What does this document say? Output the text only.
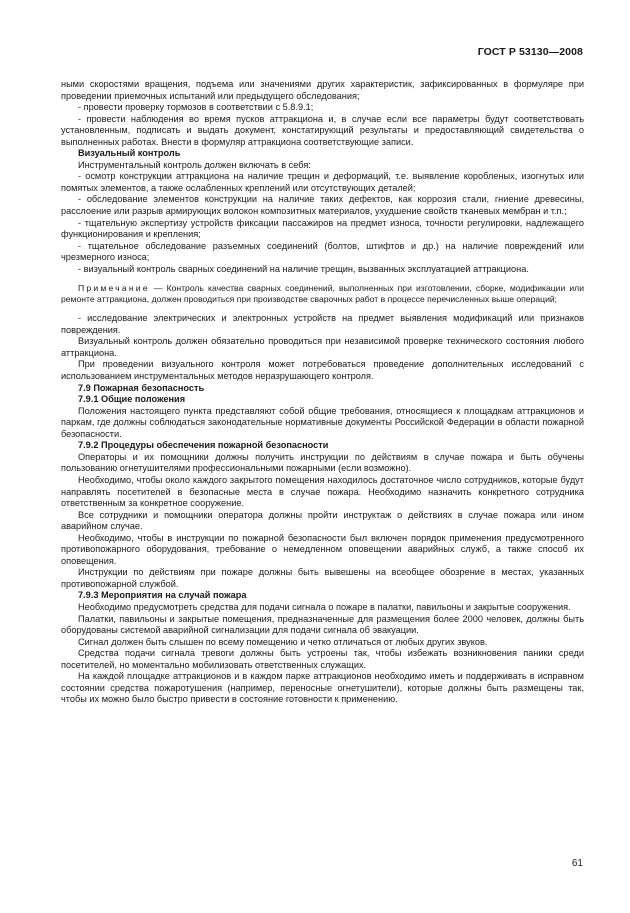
ГОСТ Р 53130—2008

ными скоростями вращения, подъема или значениями других характеристик, зафиксированных в формуляре при проведении приемочных испытаний или предыдущего обследования;

- провести проверку тормозов в соответствии с 5.8.9.1;

- провести наблюдения во время пусков аттракциона и, в случае если все параметры будут соответствовать установленным, подписать и выдать документ, констатирующий результаты и предоставляющий свидетельства о выполненных работах. Внести в формуляр аттракциона соответствующие записи.

Визуальный контроль

Инструментальный контроль должен включать в себя:

- осмотр конструкции аттракциона на наличие трещин и деформаций, т.е. выявление коробленых, изогнутых или помятых элементов, а также ослабленных креплений или отсутствующих деталей;

- обследование элементов конструкции на наличие таких дефектов, как коррозия стали, гниение древесины, расслоение или разрыв армирующих волокон композитных материалов, ухудшение свойств тканевых мембран и т.п.;

- тщательную экспертизу устройств фиксации пассажиров на предмет износа, точности регулировки, надлежащего функционирования и крепления;

- тщательное обследование разъемных соединений (болтов, штифтов и др.) на наличие повреждений или чрезмерного износа;

- визуальный контроль сварных соединений на наличие трещин, вызванных эксплуатацией аттракциона.

Примечание — Контроль качества сварных соединений, выполненных при изготовлении, сборке, модификации или ремонте аттракциона, должен проводиться при производстве сварочных работ в процессе перечисленных выше операций;

- исследование электрических и электронных устройств на предмет выявления модификаций или признаков повреждения.

Визуальный контроль должен обязательно проводиться при независимой проверке технического состояния любого аттракциона.

При проведении визуального контроля может потребоваться проведение дополнительных исследований с использованием инструментальных методов неразрушающего контроля.

7.9 Пожарная безопасность

7.9.1 Общие положения

Положения настоящего пункта представляют собой общие требования, относящиеся к площадкам аттракционов и паркам, где должны соблюдаться законодательные нормативные документы Российской Федерации в области пожарной безопасности.

7.9.2 Процедуры обеспечения пожарной безопасности

Операторы и их помощники должны получить инструкции по действиям в случае пожара и быть обучены пользованию огнетушителями профессиональными пожарными (если возможно).

Необходимо, чтобы около каждого закрытого помещения находилось достаточное число сотрудников, которые будут направлять посетителей в безопасные места в случае пожара. Необходимо назначить конкретного сотрудника ответственным за конкретное сооружение.

Все сотрудники и помощники оператора должны пройти инструктаж о действиях в случае пожара или ином аварийном случае.

Необходимо, чтобы в инструкции по пожарной безопасности был включен порядок применения предусмотренного противопожарного оборудования, требование о немедленном оповещении аварийных служб, а также способ их оповещения.

Инструкции по действиям при пожаре должны быть вывешены на всеобщее обозрение в местах, указанных противопожарной службой.

7.9.3 Мероприятия на случай пожара

Необходимо предусмотреть средства для подачи сигнала о пожаре в палатки, павильоны и закрытые сооружения.

Палатки, павильоны и закрытые помещения, предназначенные для размещения более 2000 человек, должны быть оборудованы системой аварийной сигнализации для подачи сигнала об эвакуации.

Сигнал должен быть слышен по всему помещению и четко отличаться от любых других звуков.

Средства подачи сигнала тревоги должны быть устроены так, чтобы избежать возникновения паники среди посетителей, но моментально мобилизовать ответственных служащих.

На каждой площадке аттракционов и в каждом парке аттракционов необходимо иметь и поддерживать в исправном состоянии средства пожаротушения (например, переносные огнетушители), которые должны быть размещены так, чтобы их можно было быстро привести в состояние готовности к применению.

61
